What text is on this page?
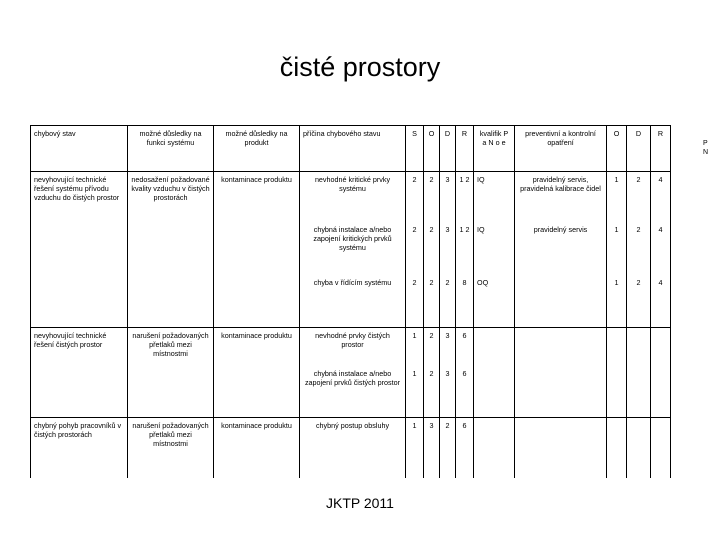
čisté prostory
chybový stav	možné důsledky na funkci systému	možné důsledky na produkt	příčina chybového stavu	S	O	D	R	kvalifik P a N o e	preventivní a kontrolní opatření	O	D	R
nevyhovující technické řešení systému přívodu vzduchu do čistých prostor	nedosažení požadované kvality vzduchu v čistých prostorách	kontaminace produktu	nevhodné kritické prvky systému	2	2	3	1 2	IQ	pravidelný servis, pravidelná kalibrace čidel	1	2	4
			chybná instalace a/nebo zapojení kritických prvků systému	2	2	3	1 2	IQ	pravidelný servis	1	2	4
			chyba v řídícím systému	2	2	2	8	OQ		1	2	4
nevyhovující technické řešení čistých prostor	narušení požadovaných přetlaků mezi místnostmi	kontaminace produktu	nevhodné prvky čistých prostor	1	2	3	6					
			chybná instalace a/nebo zapojení prvků čistých prostor	1	2	3	6					
chybný pohyb pracovníků v čistých prostorách	narušení požadovaných přetlaků mezi místnostmi	kontaminace produktu	chybný postup obsluhy	1	3	2	6					
P
N
JKTP 2011
